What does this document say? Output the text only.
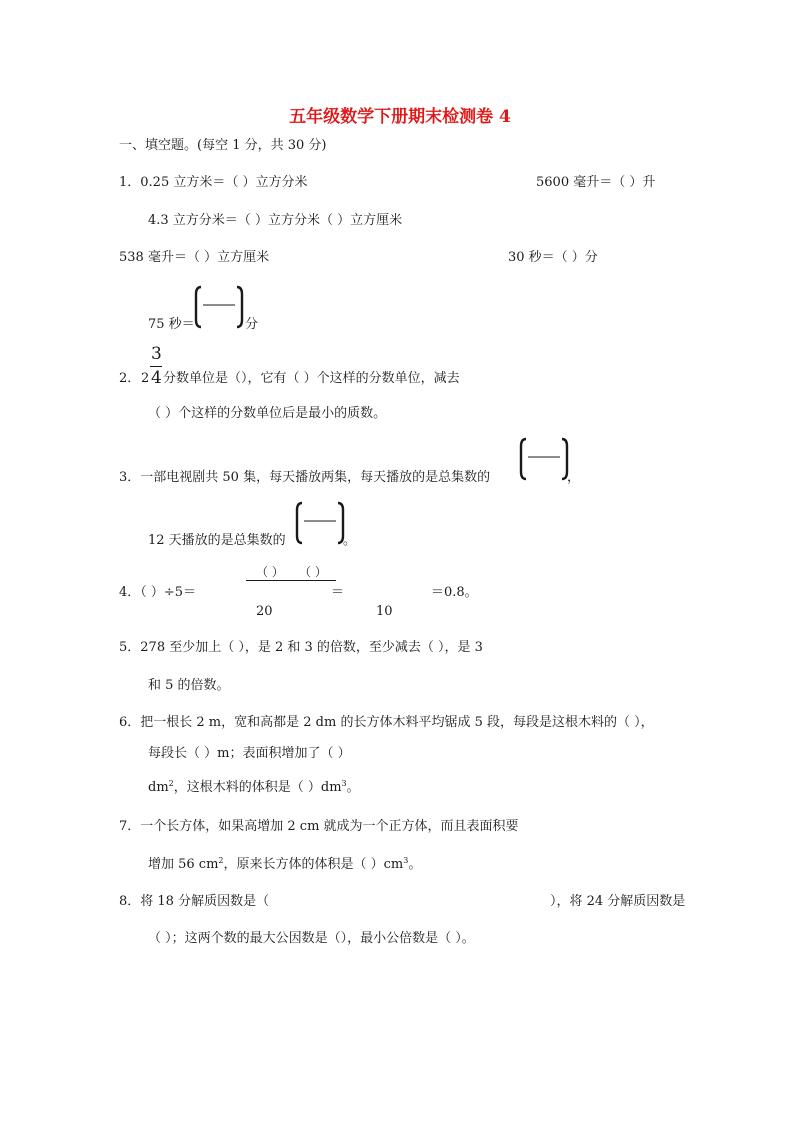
五年级数学下册期末检测卷 4
一、填空题。(每空 1 分，共 30 分)
1．0.25 立方米＝（ ）立方分米	5600 毫升＝（ ）升
4.3 立方分米＝（ ）立方分米（ ）立方厘米
538 毫升＝（ ）立方厘米	30 秒＝（ ）分
75 秒＝	分
3
2． 2 4 分数单位是（），它有（ ）个这样的分数单位，减去
（ ）个这样的分数单位后是最小的质数。
3．一部电视剧共 50 集，每天播放两集，每天播放的是总集数的	，
12 天播放的是总集数的	。
（ ） （ ）
4．（ ）÷5＝	＝	＝0.8。
20	10
5．278 至少加上（ ），是 2 和 3 的倍数，至少减去（ ），是 3
和 5 的倍数。
6．把一根长 2 m，宽和高都是 2 dm 的长方体木料平均锯成 5 段，每段是这根木料的（ ），
每段长（ ）m；表面积增加了（ ）
$dm^2$，这根木料的体积是（ ）$dm^3$。
7．一个长方体，如果高增加 2 cm 就成为一个正方体，而且表面积要
增加 56 $cm^2$，原来长方体的体积是（ ）$cm^3$。
8．将 18 分解质因数是（	），将 24 分解质因数是
（ ）；这两个数的最大公因数是（），最小公倍数是（ ）。
